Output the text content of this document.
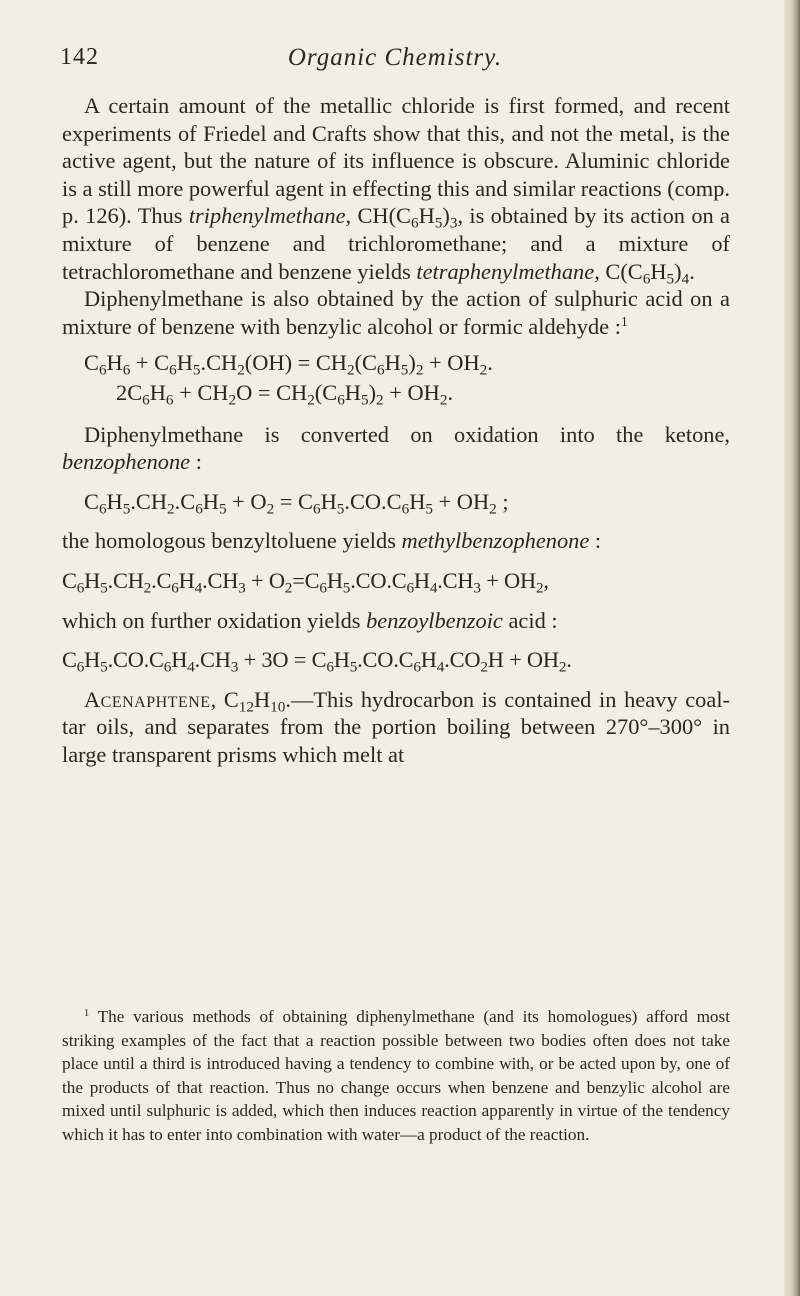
142	Organic Chemistry.

A certain amount of the metallic chloride is first formed, and recent experiments of Friedel and Crafts show that this, and not the metal, is the active agent, but the nature of its influence is obscure. Aluminic chloride is a still more powerful agent in effecting this and similar reactions (comp. p. 126). Thus triphenylmethane, $CH(C_6H_5)_3$, is obtained by its action on a mixture of benzene and trichloromethane; and a mixture of tetrachloromethane and benzene yields tetraphenylmethane, $C(C_6H_5)_4$.

Diphenylmethane is also obtained by the action of sulphuric acid on a mixture of benzene with benzylic alcohol or formic aldehyde :$^1$

$C_6H_6 + C_6H_5.CH_2(OH) = CH_2(C_6H_5)_2 + OH_2$.
$2C_6H_6 + CH_2O = CH_2(C_6H_5)_2 + OH_2$.

Diphenylmethane is converted on oxidation into the ketone, benzophenone :

$C_6H_5.CH_2.C_6H_5 + O_2 = C_6H_5.CO.C_6H_5 + OH_2$ ;

the homologous benzyltoluene yields methylbenzophenone :

$C_6H_5.CH_2.C_6H_4.CH_3 + O_2=C_6H_5.CO.C_6H_4.CH_3 + OH_2$,

which on further oxidation yields benzoylbenzoic acid :

$C_6H_5.CO.C_6H_4.CH_3 + 3O = C_6H_5.CO.C_6H_4.CO_2H + OH_2$.

Acenaphtene, $C_{12}H_{10}.—This$ hydrocarbon is contained in heavy coal-tar oils, and separates from the portion boiling between 270°–300° in large transparent prisms which melt at

$^1$ The various methods of obtaining diphenylmethane (and its homologues) afford most striking examples of the fact that a reaction possible between two bodies often does not take place until a third is introduced having a tendency to combine with, or be acted upon by, one of the products of that reaction. Thus no change occurs when benzene and benzylic alcohol are mixed until sulphuric is added, which then induces reaction apparently in virtue of the tendency which it has to enter into combination with water—a product of the reaction.
